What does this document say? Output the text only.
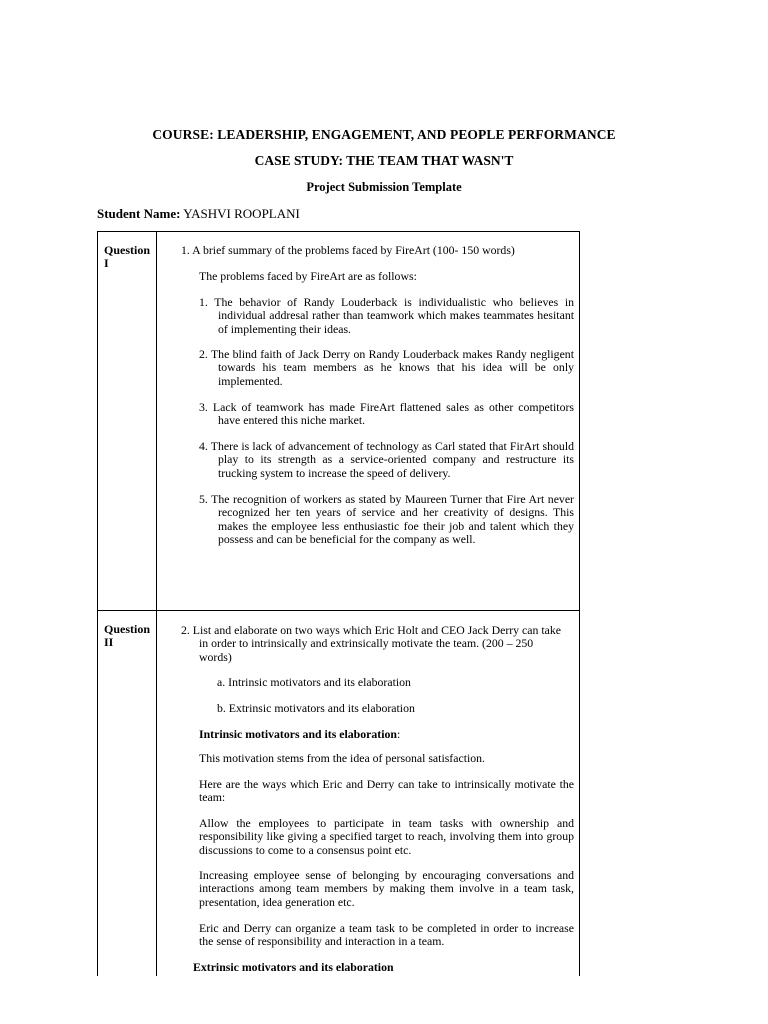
COURSE: LEADERSHIP, ENGAGEMENT, AND PEOPLE PERFORMANCE
CASE STUDY: THE TEAM THAT WASN'T
Project Submission Template
Student Name: YASHVI ROOPLANI
Question I
1. A brief summary of the problems faced by FireArt (100- 150 words)
The problems faced by FireArt are as follows:
1. The behavior of Randy Louderback is individualistic who believes in individual addresal rather than teamwork which makes teammates hesitant of implementing their ideas.
2. The blind faith of Jack Derry on Randy Louderback makes Randy negligent towards his team members as he knows that his idea will be only implemented.
3. Lack of teamwork has made FireArt flattened sales as other competitors have entered this niche market.
4. There is lack of advancement of technology as Carl stated that FirArt should play to its strength as a service-oriented company and restructure its trucking system to increase the speed of delivery.
5. The recognition of workers as stated by Maureen Turner that Fire Art never recognized her ten years of service and her creativity of designs. This makes the employee less enthusiastic foe their job and talent which they possess and can be beneficial for the company as well.
Question II
2. List and elaborate on two ways which Eric Holt and CEO Jack Derry can take in order to intrinsically and extrinsically motivate the team. (200 – 250 words)
a. Intrinsic motivators and its elaboration
b. Extrinsic motivators and its elaboration
Intrinsic motivators and its elaboration:
This motivation stems from the idea of personal satisfaction.
Here are the ways which Eric and Derry can take to intrinsically motivate the team:
Allow the employees to participate in team tasks with ownership and responsibility like giving a specified target to reach, involving them into group discussions to come to a consensus point etc.
Increasing employee sense of belonging by encouraging conversations and interactions among team members by making them involve in a team task, presentation, idea generation etc.
Eric and Derry can organize a team task to be completed in order to increase the sense of responsibility and interaction in a team.
Extrinsic motivators and its elaboration
